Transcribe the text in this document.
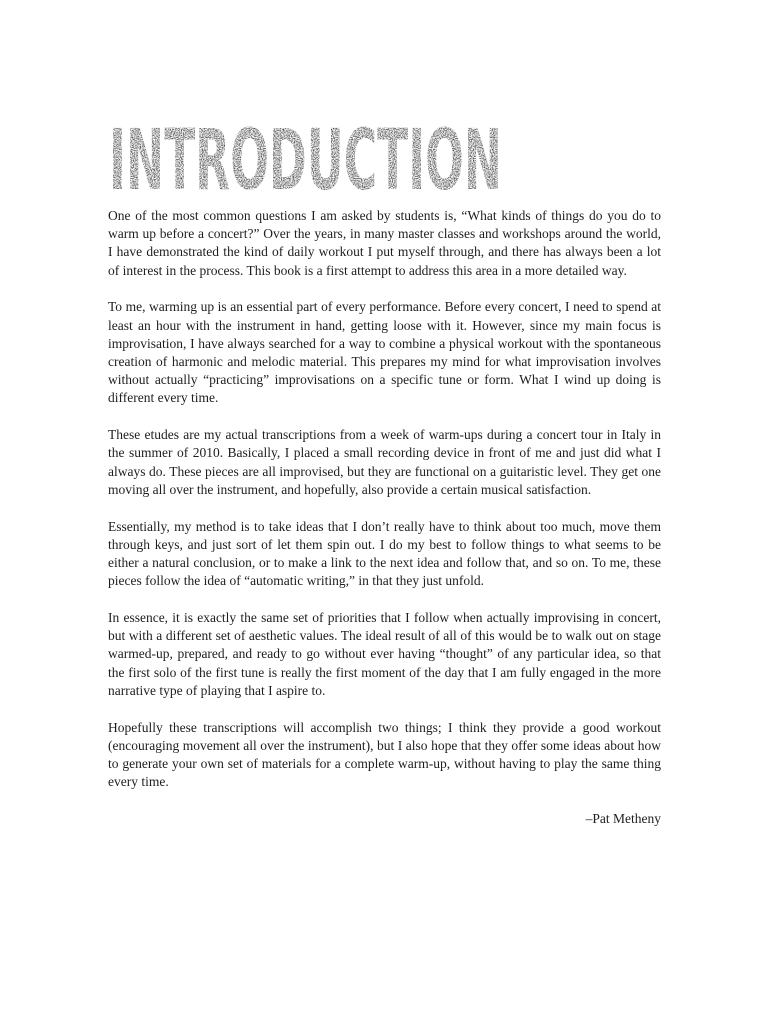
INTRODUCTION

One of the most common questions I am asked by students is, “What kinds of things do you do to warm up before a concert?” Over the years, in many master classes and workshops around the world, I have demonstrated the kind of daily workout I put myself through, and there has always been a lot of interest in the process. This book is a first attempt to address this area in a more detailed way.

To me, warming up is an essential part of every performance. Before every concert, I need to spend at least an hour with the instrument in hand, getting loose with it. However, since my main focus is improvisation, I have always searched for a way to combine a physical workout with the spontaneous creation of harmonic and melodic material. This prepares my mind for what improvisation involves without actually “practicing” improvisations on a specific tune or form. What I wind up doing is different every time.

These etudes are my actual transcriptions from a week of warm-ups during a concert tour in Italy in the summer of 2010. Basically, I placed a small recording device in front of me and just did what I always do. These pieces are all improvised, but they are functional on a guitaristic level. They get one moving all over the instrument, and hopefully, also provide a certain musical satisfaction.

Essentially, my method is to take ideas that I don’t really have to think about too much, move them through keys, and just sort of let them spin out. I do my best to follow things to what seems to be either a natural conclusion, or to make a link to the next idea and follow that, and so on. To me, these pieces follow the idea of “automatic writing,” in that they just unfold.

In essence, it is exactly the same set of priorities that I follow when actually improvising in concert, but with a different set of aesthetic values. The ideal result of all of this would be to walk out on stage warmed-up, prepared, and ready to go without ever having “thought” of any particular idea, so that the first solo of the first tune is really the first moment of the day that I am fully engaged in the more narrative type of playing that I aspire to.

Hopefully these transcriptions will accomplish two things; I think they provide a good workout (encouraging movement all over the instrument), but I also hope that they offer some ideas about how to generate your own set of materials for a complete warm-up, without having to play the same thing every time.

–Pat Metheny
